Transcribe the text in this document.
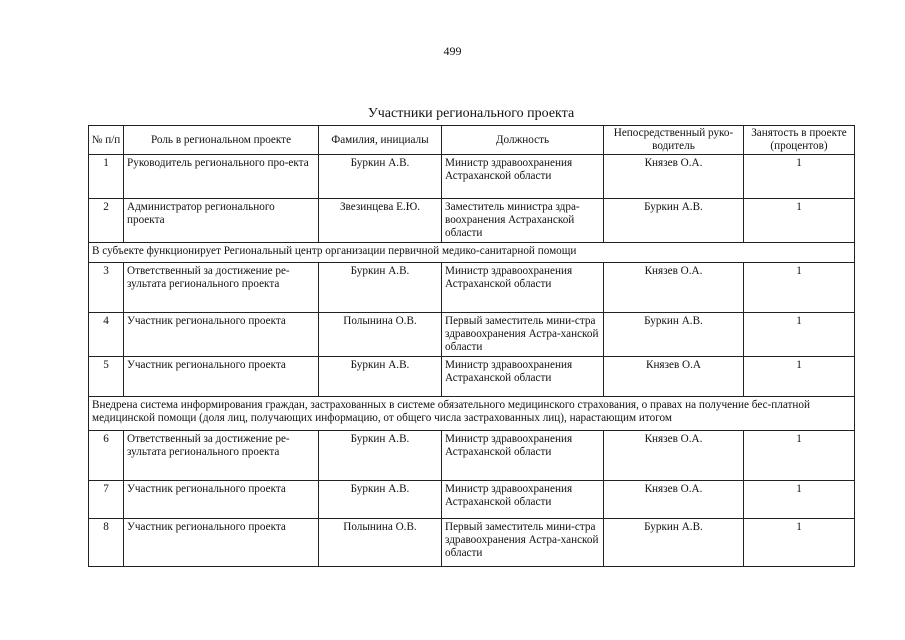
499
Участники регионального проекта
№ п/п	Роль в региональном проекте	Фамилия, инициалы	Должность	Непосредственный руко-водитель	Занятость в проекте (процентов)
1	Руководитель регионального про-екта	Буркин А.В.	Министр здравоохранения Астраханской области	Князев О.А.	1
2	Администратор регионального проекта	Звезинцева Е.Ю.	Заместитель министра здра-воохранения Астраханской области	Буркин А.В.	1
В субъекте функционирует Региональный центр организации первичной медико-санитарной помощи					
3	Ответственный за достижение ре-зультата регионального проекта	Буркин А.В.	Министр здравоохранения Астраханской области	Князев О.А.	1
4	Участник регионального проекта	Полынина О.В.	Первый заместитель мини-стра здравоохранения Астра-ханской области	Буркин А.В.	1
5	Участник регионального проекта	Буркин А.В.	Министр здравоохранения Астраханской области	Князев О.А	1
Внедрена система информирования граждан, застрахованных в системе обязательного медицинского страхования, о правах на получение бес-платной медицинской помощи (доля лиц, получающих информацию, от общего числа застрахованных лиц), нарастающим итогом					
6	Ответственный за достижение ре-зультата регионального проекта	Буркин А.В.	Министр здравоохранения Астраханской области	Князев О.А.	1
7	Участник регионального проекта	Буркин А.В.	Министр здравоохранения Астраханской области	Князев О.А.	1
8	Участник регионального проекта	Полынина О.В.	Первый заместитель мини-стра здравоохранения Астра-ханской области	Буркин А.В.	1
